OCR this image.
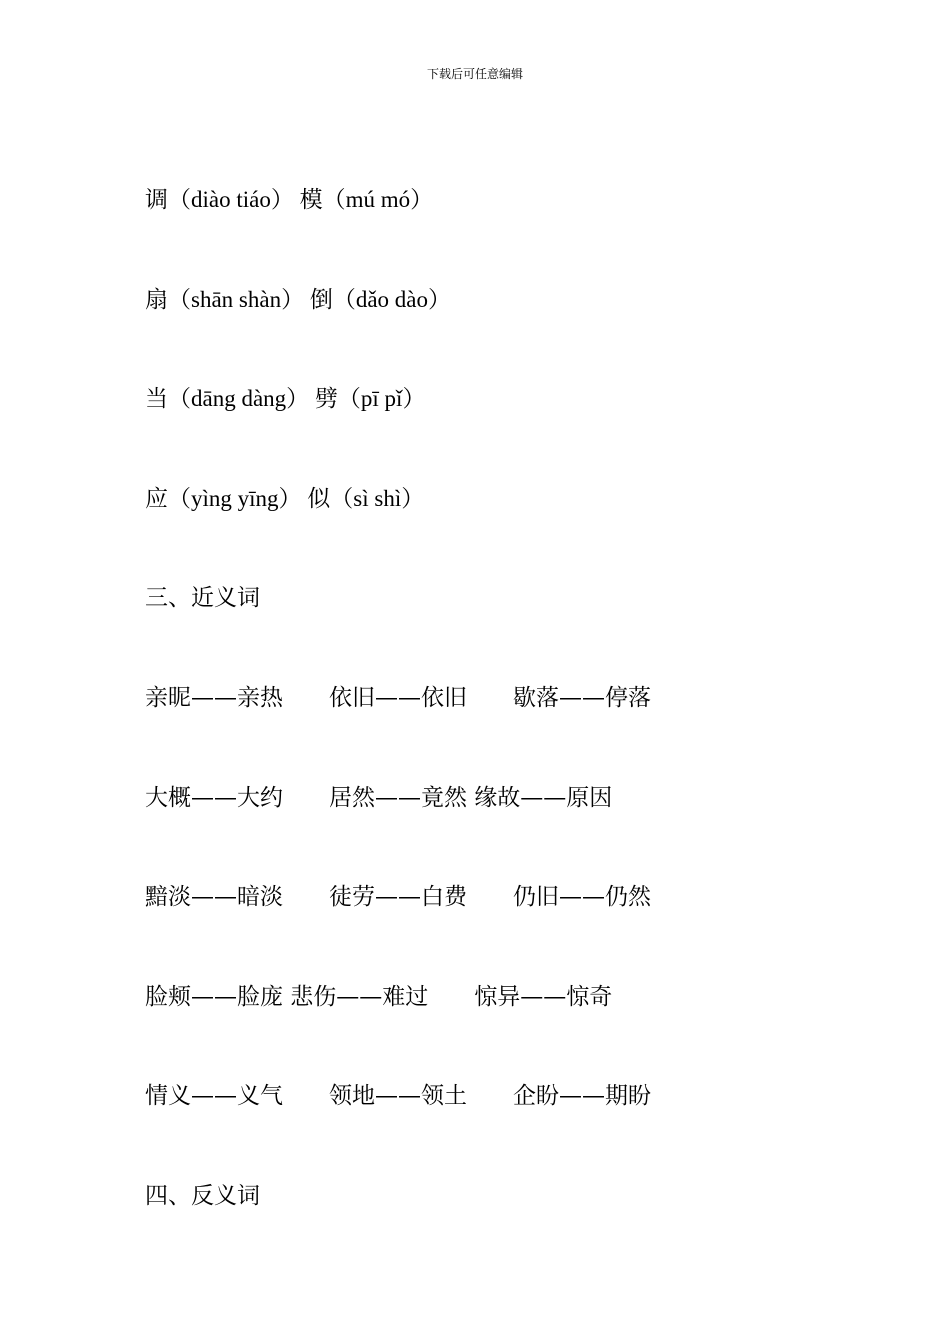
下载后可任意编辑
调（diào tiáo） 模（mú mó）
扇（shān shàn） 倒（dǎo dào）
当（dāng dàng） 劈（pī pǐ）
应（yìng yīng） 似（sì shì）
三、近义词
亲昵——亲热　　依旧——依旧　　歇落——停落
大概——大约　　居然——竟然 缘故——原因
黯淡——暗淡　　徒劳——白费　　仍旧——仍然
脸颊——脸庞 悲伤——难过　　惊异——惊奇
情义——义气　　领地——领土　　企盼——期盼
四、反义词
